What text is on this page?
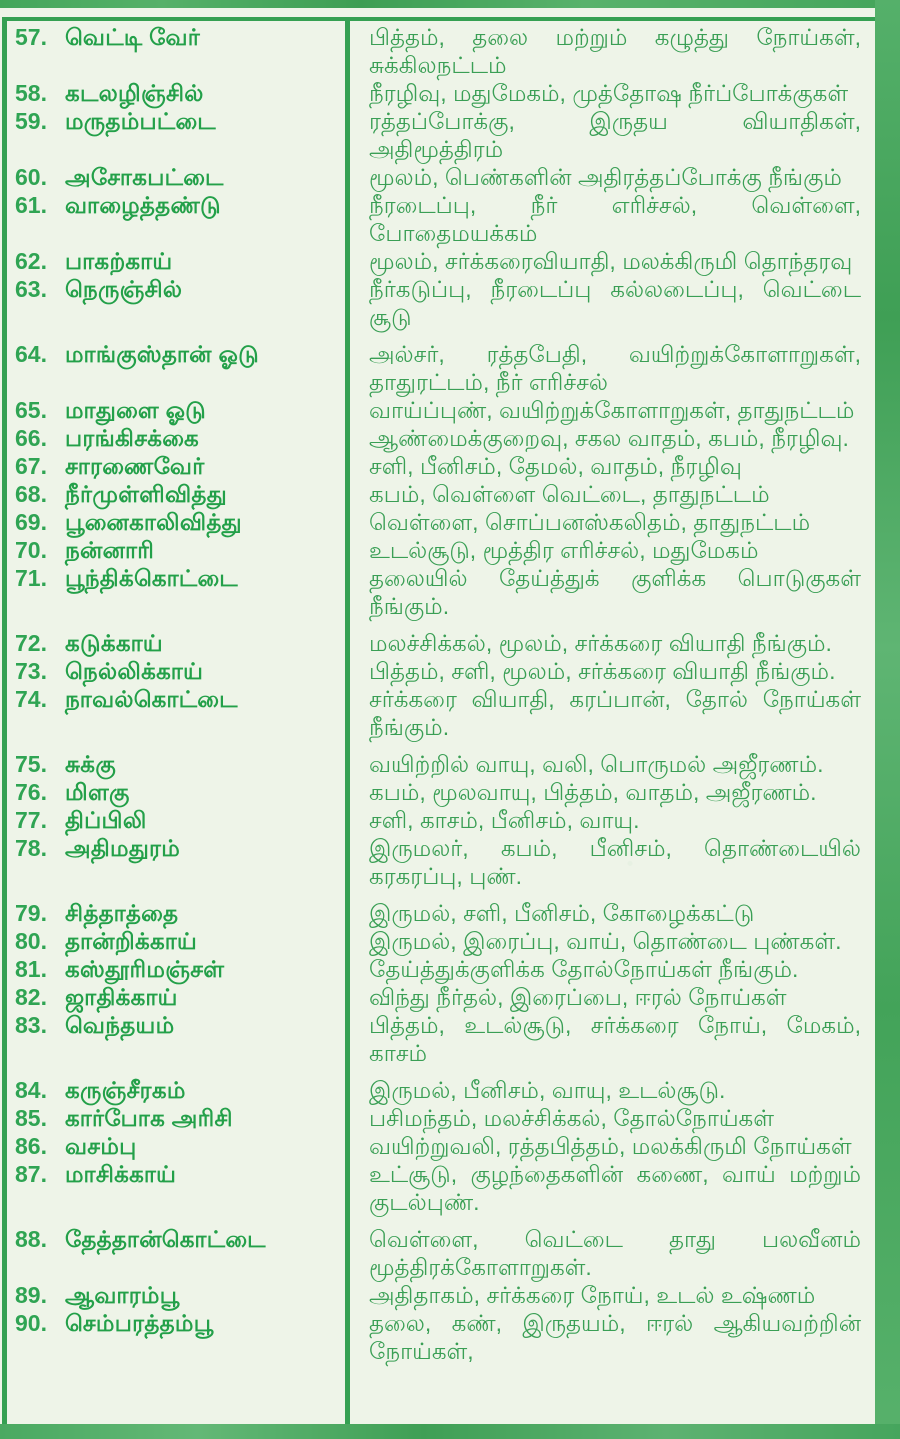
57. வெட்டி வேர்	பித்தம், தலை மற்றும் கழுத்து நோய்கள், சுக்கிலநட்டம்
58. கடலழிஞ்சில்	நீரழிவு, மதுமேகம், முத்தோஷ நீர்ப்போக்குகள்
59. மருதம்பட்டை	ரத்தப்போக்கு, இருதய வியாதிகள், அதிமூத்திரம்
60. அசோகபட்டை	மூலம், பெண்களின் அதிரத்தப்போக்கு நீங்கும்
61. வாழைத்தண்டு	நீரடைப்பு, நீர் எரிச்சல், வெள்ளை, போதைமயக்கம்
62. பாகற்காய்	மூலம், சர்க்கரைவியாதி, மலக்கிருமி தொந்தரவு
63. நெருஞ்சில்	நீர்கடுப்பு, நீரடைப்பு கல்லடைப்பு, வெட்டை சூடு
64. மாங்குஸ்தான் ஓடு	அல்சர், ரத்தபேதி, வயிற்றுக்கோளாறுகள், தாதுரட்டம், நீர் எரிச்சல்
65. மாதுளை ஓடு	வாய்ப்புண், வயிற்றுக்கோளாறுகள், தாதுநட்டம்
66. பரங்கிசக்கை	ஆண்மைக்குறைவு, சகல வாதம், கபம், நீரழிவு.
67. சாரணைவேர்	சளி, பீனிசம், தேமல், வாதம், நீரழிவு
68. நீர்முள்ளிவித்து	கபம், வெள்ளை வெட்டை, தாதுநட்டம்
69. பூனைகாலிவித்து	வெள்ளை, சொப்பனஸ்கலிதம், தாதுநட்டம்
70. நன்னாரி	உடல்சூடு, மூத்திர எரிச்சல், மதுமேகம்
71. பூந்திக்கொட்டை	தலையில் தேய்த்துக் குளிக்க பொடுகுகள் நீங்கும்.
72. கடுக்காய்	மலச்சிக்கல், மூலம், சர்க்கரை வியாதி நீங்கும்.
73. நெல்லிக்காய்	பித்தம், சளி, மூலம், சர்க்கரை வியாதி நீங்கும்.
74. நாவல்கொட்டை	சர்க்கரை வியாதி, கரப்பான், தோல் நோய்கள் நீங்கும்.
75. சுக்கு	வயிற்றில் வாயு, வலி, பொருமல் அஜீரணம்.
76. மிளகு	கபம், மூலவாயு, பித்தம், வாதம், அஜீரணம்.
77. திப்பிலி	சளி, காசம், பீனிசம், வாயு.
78. அதிமதுரம்	இருமலர், கபம், பீனிசம், தொண்டையில் கரகரப்பு, புண்.
79. சித்தாத்தை	இருமல், சளி, பீனிசம், கோழைக்கட்டு
80. தான்றிக்காய்	இருமல், இரைப்பு, வாய், தொண்டை புண்கள்.
81. கஸ்தூரிமஞ்சள்	தேய்த்துக்குளிக்க தோல்நோய்கள் நீங்கும்.
82. ஜாதிக்காய்	விந்து நீர்தல், இரைப்பை, ஈரல் நோய்கள்
83. வெந்தயம்	பித்தம், உடல்சூடு, சர்க்கரை நோய், மேகம், காசம்
84. கருஞ்சீரகம்	இருமல், பீனிசம், வாயு, உடல்சூடு.
85. கார்போக அரிசி	பசிமந்தம், மலச்சிக்கல், தோல்நோய்கள்
86. வசம்பு	வயிற்றுவலி, ரத்தபித்தம், மலக்கிருமி நோய்கள்
87. மாசிக்காய்	உட்சூடு, குழந்தைகளின் கணை, வாய் மற்றும் குடல்புண்.
88. தேத்தான்கொட்டை	வெள்ளை, வெட்டை தாது பலவீனம் மூத்திரக்கோளாறுகள்.
89. ஆவாரம்பூ	அதிதாகம், சர்க்கரை நோய், உடல் உஷ்ணம்
90. செம்பரத்தம்பூ	தலை, கண், இருதயம், ஈரல் ஆகியவற்றின் நோய்கள்,
